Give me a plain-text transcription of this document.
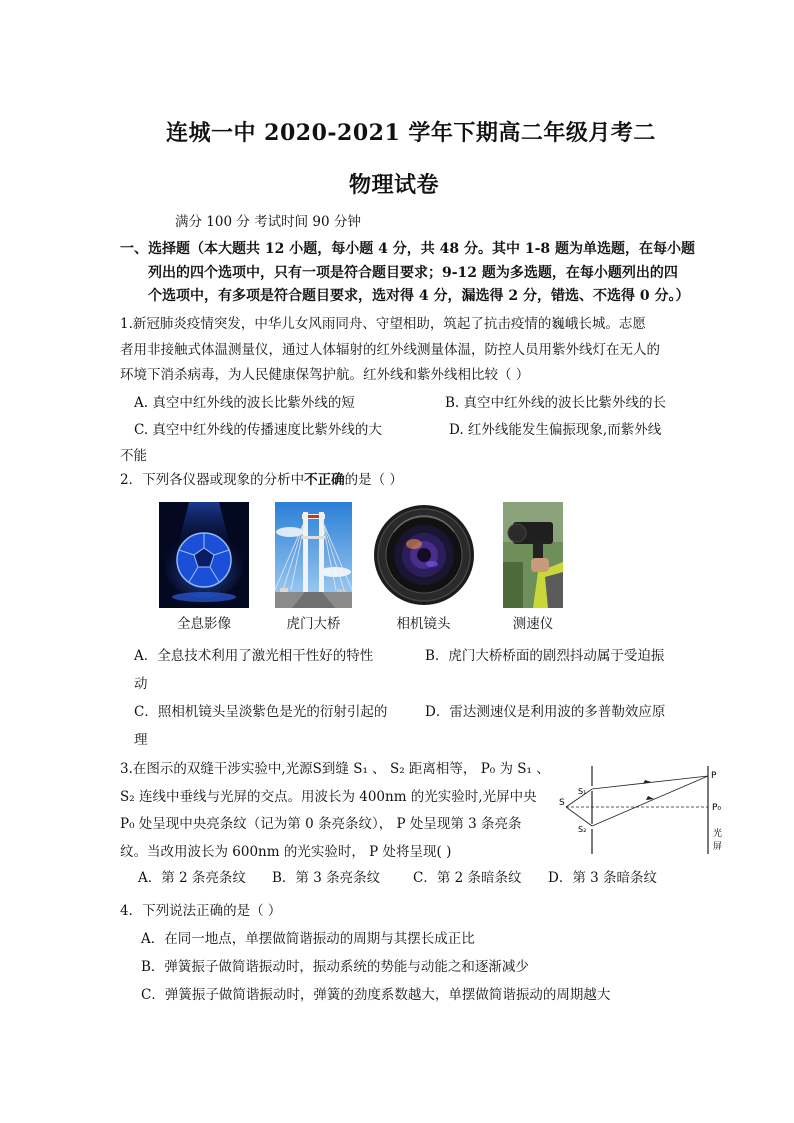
连城一中 2020-2021 学年下期高二年级月考二
物理试卷
满分 100 分 考试时间 90 分钟
一、选择题（本大题共 12 小题，每小题 4 分，共 48 分。其中 1-8 题为单选题，在每小题
列出的四个选项中，只有一项是符合题目要求；9-12 题为多选题，在每小题列出的四
个选项中，有多项是符合题目要求，选对得 4 分，漏选得 2 分，错选、不选得 0 分。）
1.新冠肺炎疫情突发，中华儿女风雨同舟、守望相助，筑起了抗击疫情的巍峨长城。志愿
者用非接触式体温测量仪，通过人体辐射的红外线测量体温，防控人员用紫外线灯在无人的
环境下消杀病毒，为人民健康保驾护航。红外线和紫外线相比较（ ）
A. 真空中红外线的波长比紫外线的短	B. 真空中红外线的波长比紫外线的长
C. 真空中红外线的传播速度比紫外线的大	D. 红外线能发生偏振现象,而紫外线
不能
2．下列各仪器或现象的分析中不正确的是（ ）
全息影像	虎门大桥	相机镜头	测速仪
A．全息技术利用了激光相干性好的特性	B．虎门大桥桥面的剧烈抖动属于受迫振
动
C．照相机镜头呈淡紫色是光的衍射引起的	D．雷达测速仪是利用波的多普勒效应原
理
3.在图示的双缝干涉实验中,光源S到缝 S₁ 、 S₂ 距离相等， P₀ 为 S₁ 、
S₂ 连线中垂线与光屏的交点。用波长为 400nm 的光实验时,光屏中央
P₀ 处呈现中央亮条纹（记为第 0 条亮条纹）， P 处呈现第 3 条亮条
纹。当改用波长为 600nm 的光实验时， P 处将呈现( )
A．第 2 条亮条纹 B．第 3 条亮条纹 C．第 2 条暗条纹 D．第 3 条暗条纹
P
S
S₁
S₂
P₀
光
屏
4．下列说法正确的是（ ）
A．在同一地点，单摆做简谐振动的周期与其摆长成正比
B．弹簧振子做简谐振动时，振动系统的势能与动能之和逐渐减少
C．弹簧振子做简谐振动时，弹簧的劲度系数越大，单摆做简谐振动的周期越大
